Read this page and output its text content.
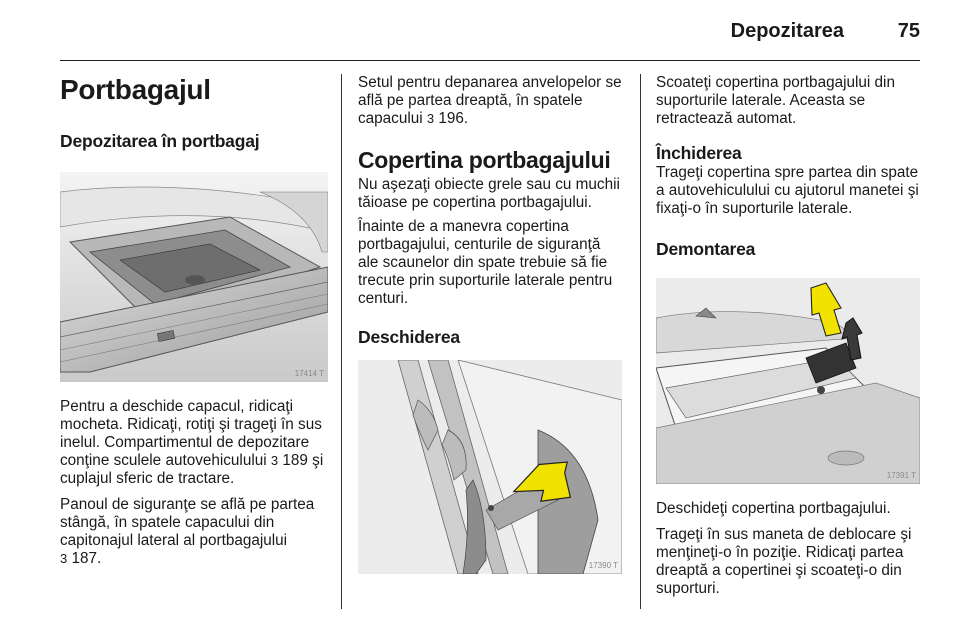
Depozitarea	75
Portbagajul
Depozitarea în portbagaj
17414 T

Pentru a deschide capacul, ridicaţi mocheta. Ridicaţi, rotiţi şi trageţi în sus inelul. Compartimentul de depozitare conţine sculele autovehiculului 3 189 şi cuplajul sferic de tractare.

Panoul de siguranţe se află pe partea stângă, în spatele capacului din capitonajul lateral al portbagajului
3 187.

Setul pentru depanarea anvelopelor se află pe partea dreaptă, în spatele capacului 3 196.

Copertina portbagajului

Nu aşezaţi obiecte grele sau cu muchii tăioase pe copertina portbagajului.

Înainte de a manevra copertina portbagajului, centurile de siguranţă ale scaunelor din spate trebuie să fie trecute prin suporturile laterale pentru centuri.

Deschiderea
17390 T

Scoateţi copertina portbagajului din suporturile laterale. Aceasta se retractează automat.

Închiderea

Trageţi copertina spre partea din spate a autovehiculului cu ajutorul manetei şi fixaţi-o în suporturile laterale.

Demontarea
17391 T

Deschideţi copertina portbagajului.

Trageţi în sus maneta de deblocare şi menţineţi-o în poziţie. Ridicaţi partea dreaptă a copertinei şi scoateţi-o din suporturi.
